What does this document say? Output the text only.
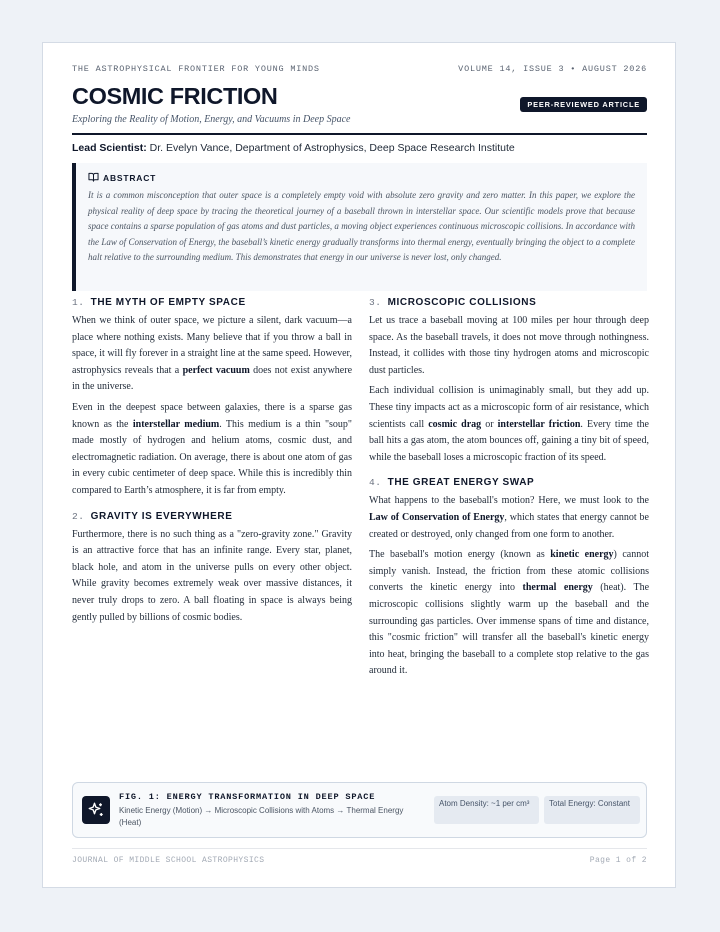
THE ASTROPHYSICAL FRONTIER FOR YOUNG MINDS	VOLUME 14, ISSUE 3 • AUGUST 2026
COSMIC FRICTION	PEER-REVIEWED ARTICLE
Exploring the Reality of Motion, Energy, and Vacuums in Deep Space
Lead Scientist: Dr. Evelyn Vance, Department of Astrophysics, Deep Space Research Institute
ABSTRACT
It is a common misconception that outer space is a completely empty void with absolute zero gravity and zero matter. In this paper, we explore the physical reality of deep space by tracing the theoretical journey of a baseball thrown in interstellar space. Our scientific models prove that because space contains a sparse population of gas atoms and dust particles, a moving object experiences continuous microscopic collisions. In accordance with the Law of Conservation of Energy, the baseball’s kinetic energy gradually transforms into thermal energy, eventually bringing the object to a complete halt relative to the surrounding medium. This demonstrates that energy in our universe is never lost, only changed.
1. THE MYTH OF EMPTY SPACE

When we think of outer space, we picture a silent, dark vacuum—a place where nothing exists. Many believe that if you throw a ball in space, it will fly forever in a straight line at the same speed. However, astrophysics reveals that a perfect vacuum does not exist anywhere in the universe.

Even in the deepest space between galaxies, there is a sparse gas known as the interstellar medium. This medium is a thin "soup" made mostly of hydrogen and helium atoms, cosmic dust, and electromagnetic radiation. On average, there is about one atom of gas in every cubic centimeter of deep space. While this is incredibly thin compared to Earth’s atmosphere, it is far from empty.

2. GRAVITY IS EVERYWHERE

Furthermore, there is no such thing as a "zero-gravity zone." Gravity is an attractive force that has an infinite range. Every star, planet, black hole, and atom in the universe pulls on every other object. While gravity becomes extremely weak over massive distances, it never truly drops to zero. A ball floating in space is always being gently pulled by billions of cosmic bodies.

3. MICROSCOPIC COLLISIONS

Let us trace a baseball moving at 100 miles per hour through deep space. As the baseball travels, it does not move through nothingness. Instead, it collides with those tiny hydrogen atoms and microscopic dust particles.

Each individual collision is unimaginably small, but they add up. These tiny impacts act as a microscopic form of air resistance, which scientists call cosmic drag or interstellar friction. Every time the ball hits a gas atom, the atom bounces off, gaining a tiny bit of speed, while the baseball loses a microscopic fraction of its speed.

4. THE GREAT ENERGY SWAP

What happens to the baseball's motion? Here, we must look to the Law of Conservation of Energy, which states that energy cannot be created or destroyed, only changed from one form to another.

The baseball's motion energy (known as kinetic energy) cannot simply vanish. Instead, the friction from these atomic collisions converts the kinetic energy into thermal energy (heat). The microscopic collisions slightly warm up the baseball and the surrounding gas particles. Over immense spans of time and distance, this "cosmic friction" will transfer all the baseball's kinetic energy into heat, bringing the baseball to a complete stop relative to the gas around it.

FIG. 1: ENERGY TRANSFORMATION IN DEEP SPACE
Kinetic Energy (Motion) → Microscopic Collisions with Atoms → Thermal Energy (Heat)
Atom Density: ~1 per cm³	Total Energy: Constant
JOURNAL OF MIDDLE SCHOOL ASTROPHYSICS	Page 1 of 2
